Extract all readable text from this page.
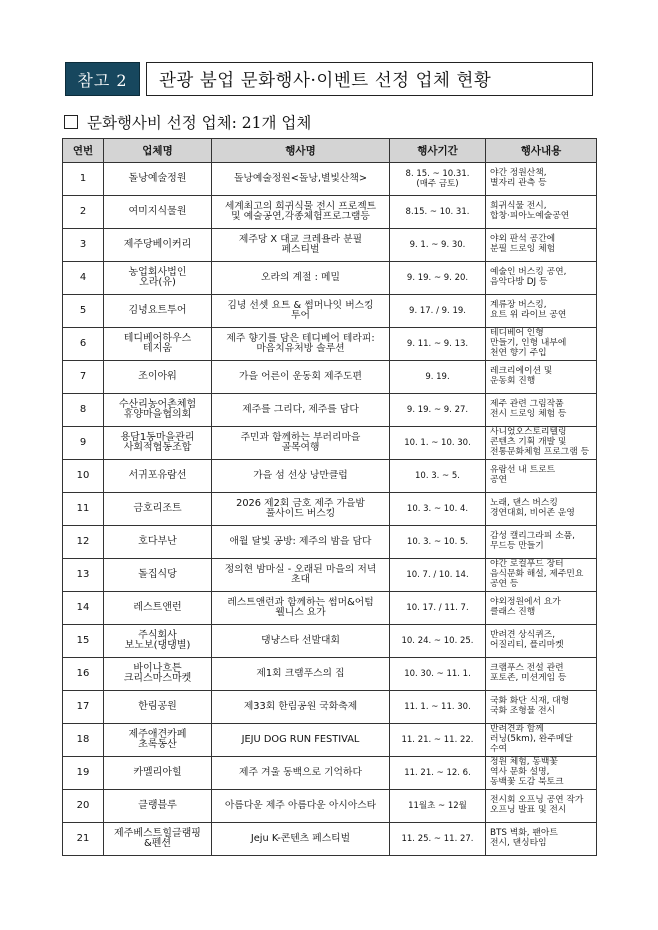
참고 2	관광 붐업 문화행사·이벤트 선정 업체 현황
문화행사비 선정 업체: 21개 업체
연번	업체명	행사명	행사기간	행사내용
1	돌낭예술정원	돌낭예술정원<돌낭,별빛산책>	8. 15. ~ 10.31.
(매주 금토)	야간 정원산책,
별자리 관측 등
2	여미지식물원	세계최고의 희귀식물 전시 프로젝트
및 예술공연,각종체험프로그램등	8.15. ~ 10. 31.	희귀식물 전시,
합창·피아노예술공연
3	제주당베이커리	제주당 X 대교 크레욜라 분필
페스티벌	9. 1. ~ 9. 30.	야외 판석 공간에
분필 드로잉 체험
4	농업회사법인
오라(유)	오라의 계절 : 메밀	9. 19. ~ 9. 20.	예술인 버스킹 공연,
음악다방 DJ 등
5	김녕요트투어	김녕 선셋 요트 & 썸머나잇 버스킹
투어	9. 17. / 9. 19.	계류장 버스킹,
요트 위 라이브 공연
6	테디베어하우스
테지움	제주 향기를 담은 테디베어 테라피:
마음치유처방 솔루션	9. 11. ~ 9. 13.	테디베어 인형
만들기, 인형 내부에
천연 향기 주입
7	조이아워	가을 어른이 운동회 제주도편	9. 19.	레크리에이션 및
운동회 진행
8	수산리농어촌체험
휴양마을협의회	제주를 그리다, 제주를 담다	9. 19. ~ 9. 27.	제주 관련 그림작품
전시 드로잉 체험 등
9	용담1동마을관리
사회적협동조합	주민과 함께하는 부러리마을
골목여행	10. 1. ~ 10. 30.	사니었오스토리텔링
콘텐츠 기획 개발 및
전통문화체험 프로그램 등
10	서귀포유람선	가을 섬 선상 낭만클럽	10. 3. ~ 5.	유람선 내 트로트
공연
11	금호리조트	2026 제2회 금호 제주 가을밤
풀사이드 버스킹	10. 3. ~ 10. 4.	노래, 댄스 버스킹
경연대회, 비어존 운영
12	호다부난	애월 달빛 공방: 제주의 밤을 담다	10. 3. ~ 10. 5.	감성 캘리그라피 소품,
무드등 만들기
13	돌집식당	정의현 밤마실 - 오래된 마을의 저녁
초대	10. 7. / 10. 14.	야간 로컬푸드 장터
음식문화 해설, 제주민요
공연 등
14	레스트앤런	레스트앤런과 함께하는 썸머&어텀
웰니스 요가	10. 17. / 11. 7.	야외정원에서 요가
클래스 진행
15	주식회사
보노보(댕댕별)	댕냥스타 선발대회	10. 24. ~ 10. 25.	반려견 상식퀴즈,
어질리티, 플리마켓
16	바이나흐튼
크리스마스마켓	제1회 크램푸스의 집	10. 30. ~ 11. 1.	크램푸스 전설 관련
포토존, 미션게임 등
17	한림공원	제33회 한림공원 국화축제	11. 1. ~ 11. 30.	국화 화단 식재, 대형
국화 조형물 전시
18	제주애견카페
초록동산	JEJU DOG RUN FESTIVAL	11. 21. ~ 11. 22.	반려견과 함께
러닝(5km), 완주메달
수여
19	카멜리아힐	제주 겨울 동백으로 기억하다	11. 21. ~ 12. 6.	정원 체험, 동백꽃
역사 문화 설명,
동백꽃 도감 북토크
20	클랭블루	아름다운 제주 아름다운 아시아스타	11월초 ~ 12월	전시회 오프닝 공연 작가
오프닝 발표 및 전시
21	제주베스트힐글램핑
&펜션	Jeju K-콘텐츠 페스티벌	11. 25. ~ 11. 27.	BTS 벽화, 팬아트
전시, 댄싱타임
